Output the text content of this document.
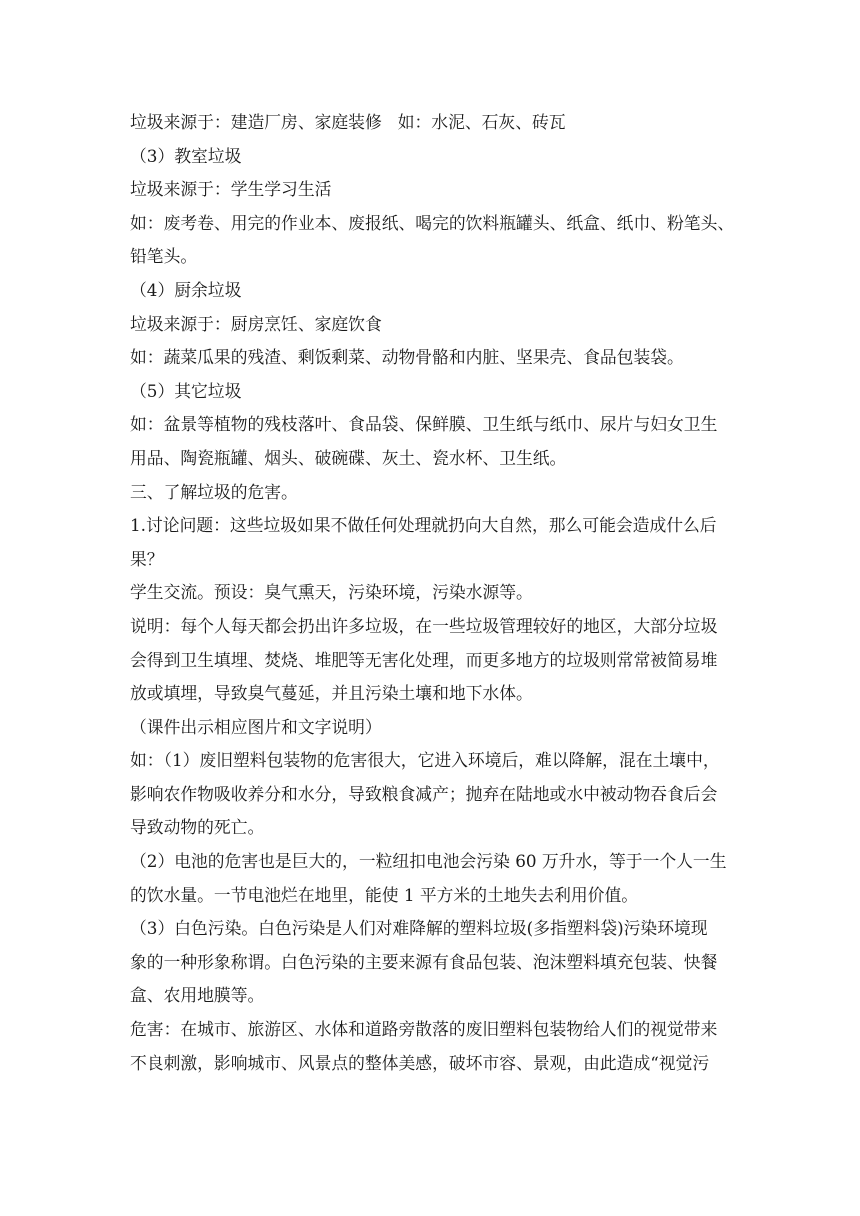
垃圾来源于：建造厂房、家庭装修   如：水泥、石灰、砖瓦
（3）教室垃圾
垃圾来源于：学生学习生活
如：废考卷、用完的作业本、废报纸、喝完的饮料瓶罐头、纸盒、纸巾、粉笔头、
铅笔头。
（4）厨余垃圾
垃圾来源于：厨房烹饪、家庭饮食
如：蔬菜瓜果的残渣、剩饭剩菜、动物骨骼和内脏、坚果壳、食品包装袋。
（5）其它垃圾
如：盆景等植物的残枝落叶、食品袋、保鲜膜、卫生纸与纸巾、尿片与妇女卫生
用品、陶瓷瓶罐、烟头、破碗碟、灰土、瓷水杯、卫生纸。
三、了解垃圾的危害。
1.讨论问题：这些垃圾如果不做任何处理就扔向大自然，那么可能会造成什么后
果？
学生交流。预设：臭气熏天，污染环境，污染水源等。
说明：每个人每天都会扔出许多垃圾，在一些垃圾管理较好的地区，大部分垃圾
会得到卫生填埋、焚烧、堆肥等无害化处理，而更多地方的垃圾则常常被简易堆
放或填埋，导致臭气蔓延，并且污染土壤和地下水体。
（课件出示相应图片和文字说明）
如：（1）废旧塑料包装物的危害很大，它进入环境后，难以降解，混在土壤中，
影响农作物吸收养分和水分，导致粮食减产；抛弃在陆地或水中被动物吞食后会
导致动物的死亡。
（2）电池的危害也是巨大的，一粒纽扣电池会污染 60 万升水，等于一个人一生
的饮水量。一节电池烂在地里，能使 1 平方米的土地失去利用价值。
（3）白色污染。白色污染是人们对难降解的塑料垃圾(多指塑料袋)污染环境现
象的一种形象称谓。白色污染的主要来源有食品包装、泡沫塑料填充包装、快餐
盒、农用地膜等。
危害：在城市、旅游区、水体和道路旁散落的废旧塑料包装物给人们的视觉带来
不良刺激，影响城市、风景点的整体美感，破坏市容、景观，由此造成“视觉污
